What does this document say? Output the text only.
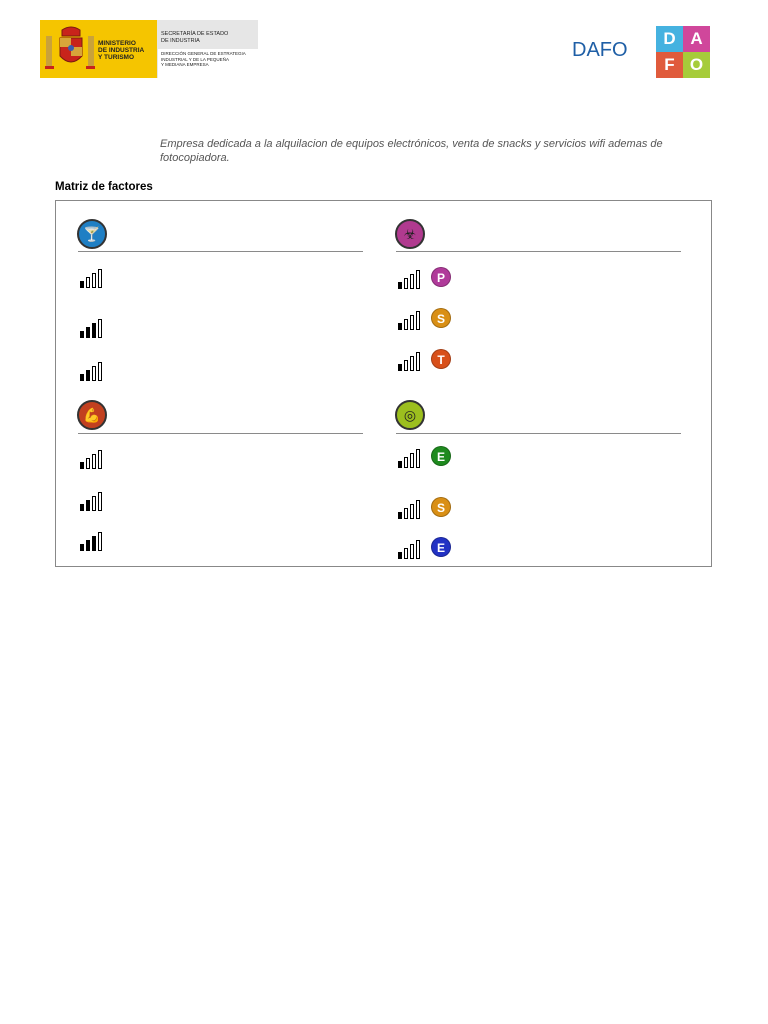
MINISTERIO
DE INDUSTRIA
Y TURISMO
SECRETARÍA DE ESTADO
DE INDUSTRIA
DIRECCIÓN GENERAL DE ESTRATEGIA
INDUSTRIAL Y DE LA PEQUEÑA
Y MEDIANA EMPRESA
DAFO
D A
F O
Empresa dedicada a la alquilacion de equipos electrónicos, venta de snacks y servicios wifi ademas de fotocopiadora.
Matriz de factores
🍸	☣
P
S
T
💪	◎
E
S
E
